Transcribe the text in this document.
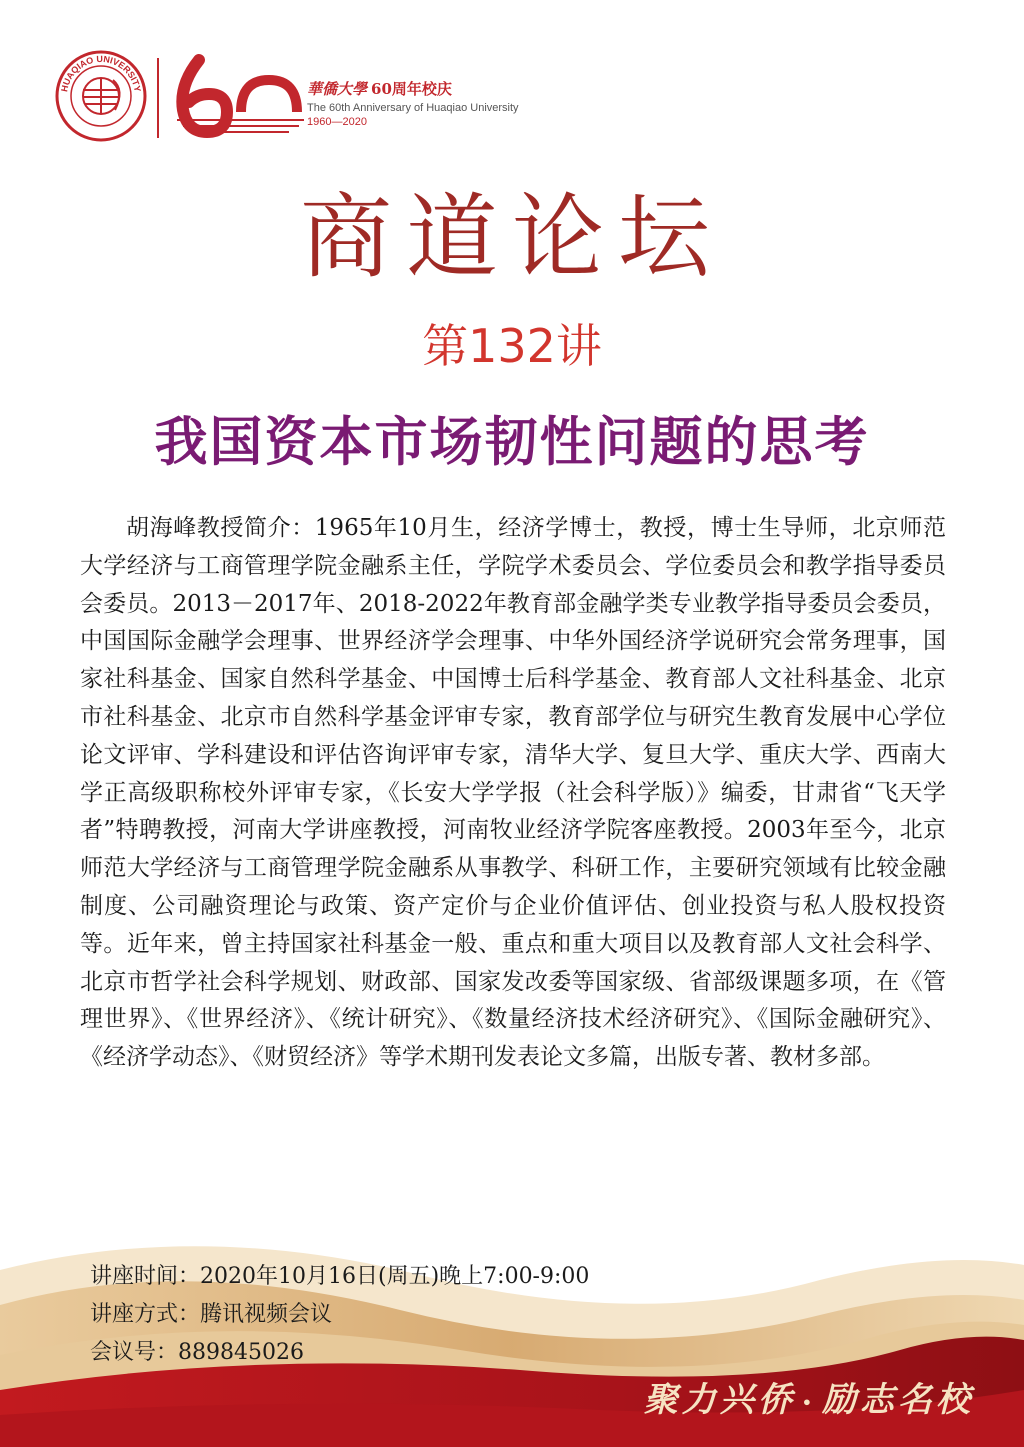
HUAQIAO UNIVERSITY	華僑大學 60周年校庆
The 60th Anniversary of Huaqiao University
1960—2020
商道论坛
第132讲
我国资本市场韧性问题的思考

胡海峰教授简介：1965年10月生，经济学博士，教授，博士生导师，北京师范大学经济与工商管理学院金融系主任，学院学术委员会、学位委员会和教学指导委员会委员。2013－2017年、2018-2022年教育部金融学类专业教学指导委员会委员，中国国际金融学会理事、世界经济学会理事、中华外国经济学说研究会常务理事，国家社科基金、国家自然科学基金、中国博士后科学基金、教育部人文社科基金、北京市社科基金、北京市自然科学基金评审专家，教育部学位与研究生教育发展中心学位论文评审、学科建设和评估咨询评审专家，清华大学、复旦大学、重庆大学、西南大学正高级职称校外评审专家，《长安大学学报（社会科学版）》编委，甘肃省“飞天学者”特聘教授，河南大学讲座教授，河南牧业经济学院客座教授。2003年至今，北京师范大学经济与工商管理学院金融系从事教学、科研工作，主要研究领域有比较金融制度、公司融资理论与政策、资产定价与企业价值评估、创业投资与私人股权投资等。近年来，曾主持国家社科基金一般、重点和重大项目以及教育部人文社会科学、北京市哲学社会科学规划、财政部、国家发改委等国家级、省部级课题多项，在《管理世界》、《世界经济》、《统计研究》、《数量经济技术经济研究》、《国际金融研究》、《经济学动态》、《财贸经济》等学术期刊发表论文多篇，出版专著、教材多部。

讲座时间：2020年10月16日(周五)晚上7:00-9:00
讲座方式：腾讯视频会议
会议号：889845026
聚力兴侨 • 励志名校
